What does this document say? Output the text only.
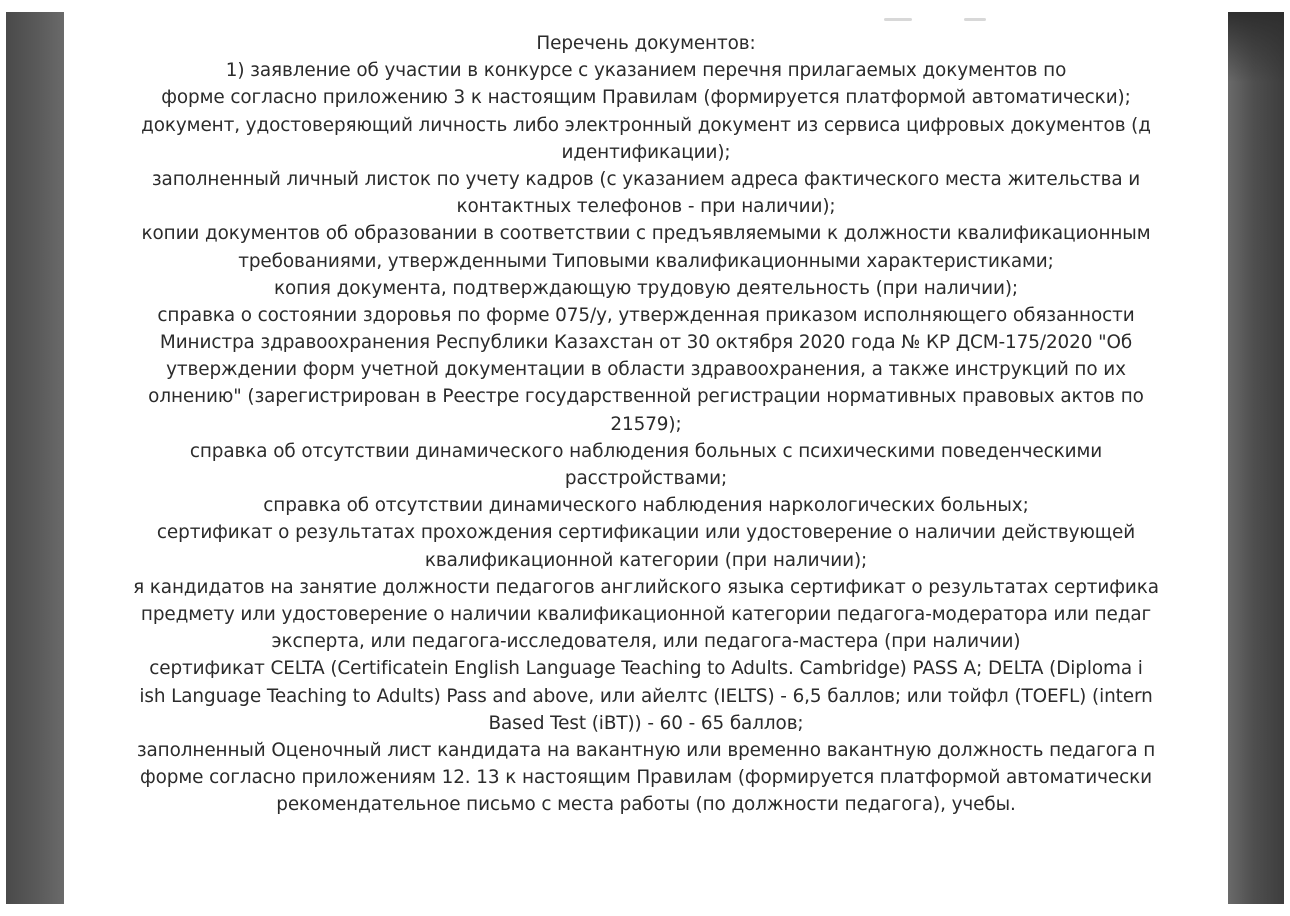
Перечень документов:
1) заявление об участии в конкурсе с указанием перечня прилагаемых документов по
форме согласно приложению 3 к настоящим Правилам (формируется платформой автоматически);
документ, удостоверяющий личность либо электронный документ из сервиса цифровых документов (д
идентификации);
заполненный личный листок по учету кадров (с указанием адреса фактического места жительства и
контактных телефонов - при наличии);
копии документов об образовании в соответствии с предъявляемыми к должности квалификационным
требованиями, утвержденными Типовыми квалификационными характеристиками;
копия документа, подтверждающую трудовую деятельность (при наличии);
справка о состоянии здоровья по форме 075/у, утвержденная приказом исполняющего обязанности
Министра здравоохранения Республики Казахстан от 30 октября 2020 года № КР ДСМ-175/2020 "Об
утверждении форм учетной документации в области здравоохранения, а также инструкций по их
олнению" (зарегистрирован в Реестре государственной регистрации нормативных правовых актов по
21579);
справка об отсутствии динамического наблюдения больных с психическими поведенческими
расстройствами;
справка об отсутствии динамического наблюдения наркологических больных;
сертификат о результатах прохождения сертификации или удостоверение о наличии действующей
квалификационной категории (при наличии);
я кандидатов на занятие должности педагогов английского языка сертификат о результатах сертифика
предмету или удостоверение о наличии квалификационной категории педагога-модератора или педаг
эксперта, или педагога-исследователя, или педагога-мастера (при наличии)
сертификат CELTA (Certificatein English Language Teaching to Adults. Cambridge) PASS A; DELTA (Diploma i
ish Language Teaching to Adults) Pass and above, или айелтс (IELTS) - 6,5 баллов; или тойфл (TOEFL) (intern
Based Test (iBT)) - 60 - 65 баллов;
заполненный Оценочный лист кандидата на вакантную или временно вакантную должность педагога п
форме согласно приложениям 12. 13 к настоящим Правилам (формируется платформой автоматически
рекомендательное письмо с места работы (по должности педагога), учебы.
